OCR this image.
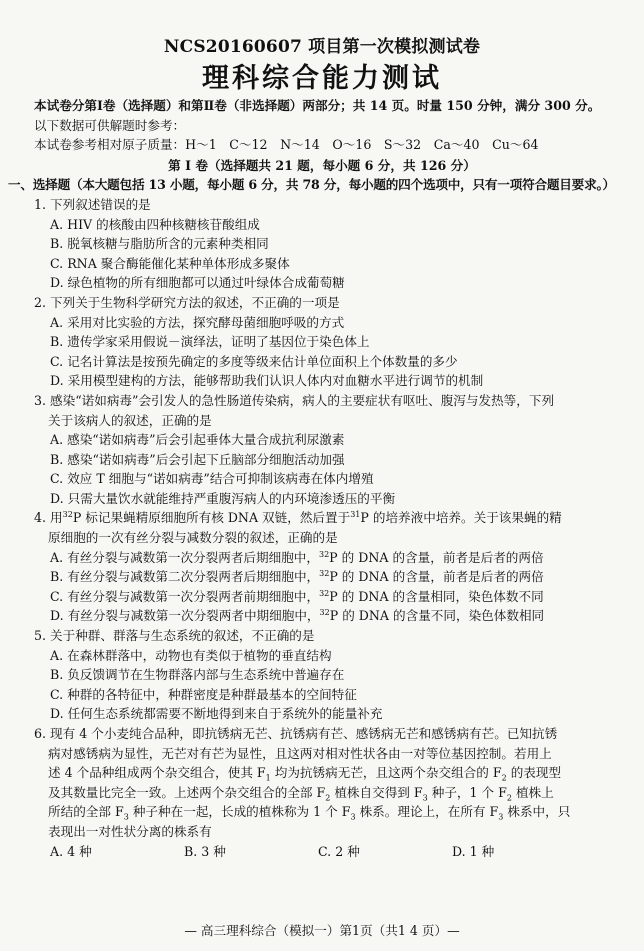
NCS20160607 项目第一次模拟测试卷
理科综合能力测试
本试卷分第Ⅰ卷（选择题）和第Ⅱ卷（非选择题）两部分；共 14 页。时量 150 分钟，满分 300 分。
以下数据可供解题时参考：
本试卷参考相对原子质量：H～1　C～12　N～14　O～16　S～32　Ca～40　Cu～64
第 Ⅰ 卷（选择题共 21 题，每小题 6 分，共 126 分）
一、选择题（本大题包括 13 小题，每小题 6 分，共 78 分，每小题的四个选项中，只有一项符合题目要求。）
1. 下列叙述错误的是
A. HIV 的核酸由四种核糖核苷酸组成
B. 脱氧核糖与脂肪所含的元素种类相同
C. RNA 聚合酶能催化某种单体形成多聚体
D. 绿色植物的所有细胞都可以通过叶绿体合成葡萄糖
2. 下列关于生物科学研究方法的叙述，不正确的一项是
A. 采用对比实验的方法，探究酵母菌细胞呼吸的方式
B. 遗传学家采用假说－演绎法，证明了基因位于染色体上
C. 记名计算法是按预先确定的多度等级来估计单位面积上个体数量的多少
D. 采用模型建构的方法，能够帮助我们认识人体内对血糖水平进行调节的机制
3. 感染“诺如病毒”会引发人的急性肠道传染病，病人的主要症状有呕吐、腹泻与发热等，下列
关于该病人的叙述，正确的是
A. 感染“诺如病毒”后会引起垂体大量合成抗利尿激素
B. 感染“诺如病毒”后会引起下丘脑部分细胞活动加强
C. 效应 T 细胞与“诺如病毒”结合可抑制该病毒在体内增殖
D. 只需大量饮水就能维持严重腹泻病人的内环境渗透压的平衡
4. 用$^{32}$P 标记果蝇精原细胞所有核 DNA 双链，然后置于$^{31}$P 的培养液中培养。关于该果蝇的精
原细胞的一次有丝分裂与减数分裂的叙述，正确的是
A. 有丝分裂与减数第一次分裂两者后期细胞中，$^{32}$P 的 DNA 的含量，前者是后者的两倍
B. 有丝分裂与减数第二次分裂两者后期细胞中，$^{32}$P 的 DNA 的含量，前者是后者的两倍
C. 有丝分裂与减数第一次分裂两者前期细胞中，$^{32}$P 的 DNA 的含量相同，染色体数不同
D. 有丝分裂与减数第一次分裂两者中期细胞中，$^{32}$P 的 DNA 的含量不同，染色体数相同
5. 关于种群、群落与生态系统的叙述，不正确的是
A. 在森林群落中，动物也有类似于植物的垂直结构
B. 负反馈调节在生物群落内部与生态系统中普遍存在
C. 种群的各特征中，种群密度是种群最基本的空间特征
D. 任何生态系统都需要不断地得到来自于系统外的能量补充
6. 现有 4 个小麦纯合品种，即抗锈病无芒、抗锈病有芒、感锈病无芒和感锈病有芒。已知抗锈
病对感锈病为显性，无芒对有芒为显性，且这两对相对性状各由一对等位基因控制。若用上
述 4 个品种组成两个杂交组合，使其 $F_1$ 均为抗锈病无芒，且这两个杂交组合的 $F_2$ 的表现型
及其数量比完全一致。上述两个杂交组合的全部 $F_2$ 植株自交得到 $F_3$ 种子，1 个 $F_2$ 植株上
所结的全部 $F_3$ 种子种在一起，长成的植株称为 1 个 $F_3$ 株系。理论上，在所有 $F_3$ 株系中，只
表现出一对性状分离的株系有
A. 4 种	B. 3 种	C. 2 种	D. 1 种
— 高三理科综合（模拟一）第1页（共1 4 页）—
